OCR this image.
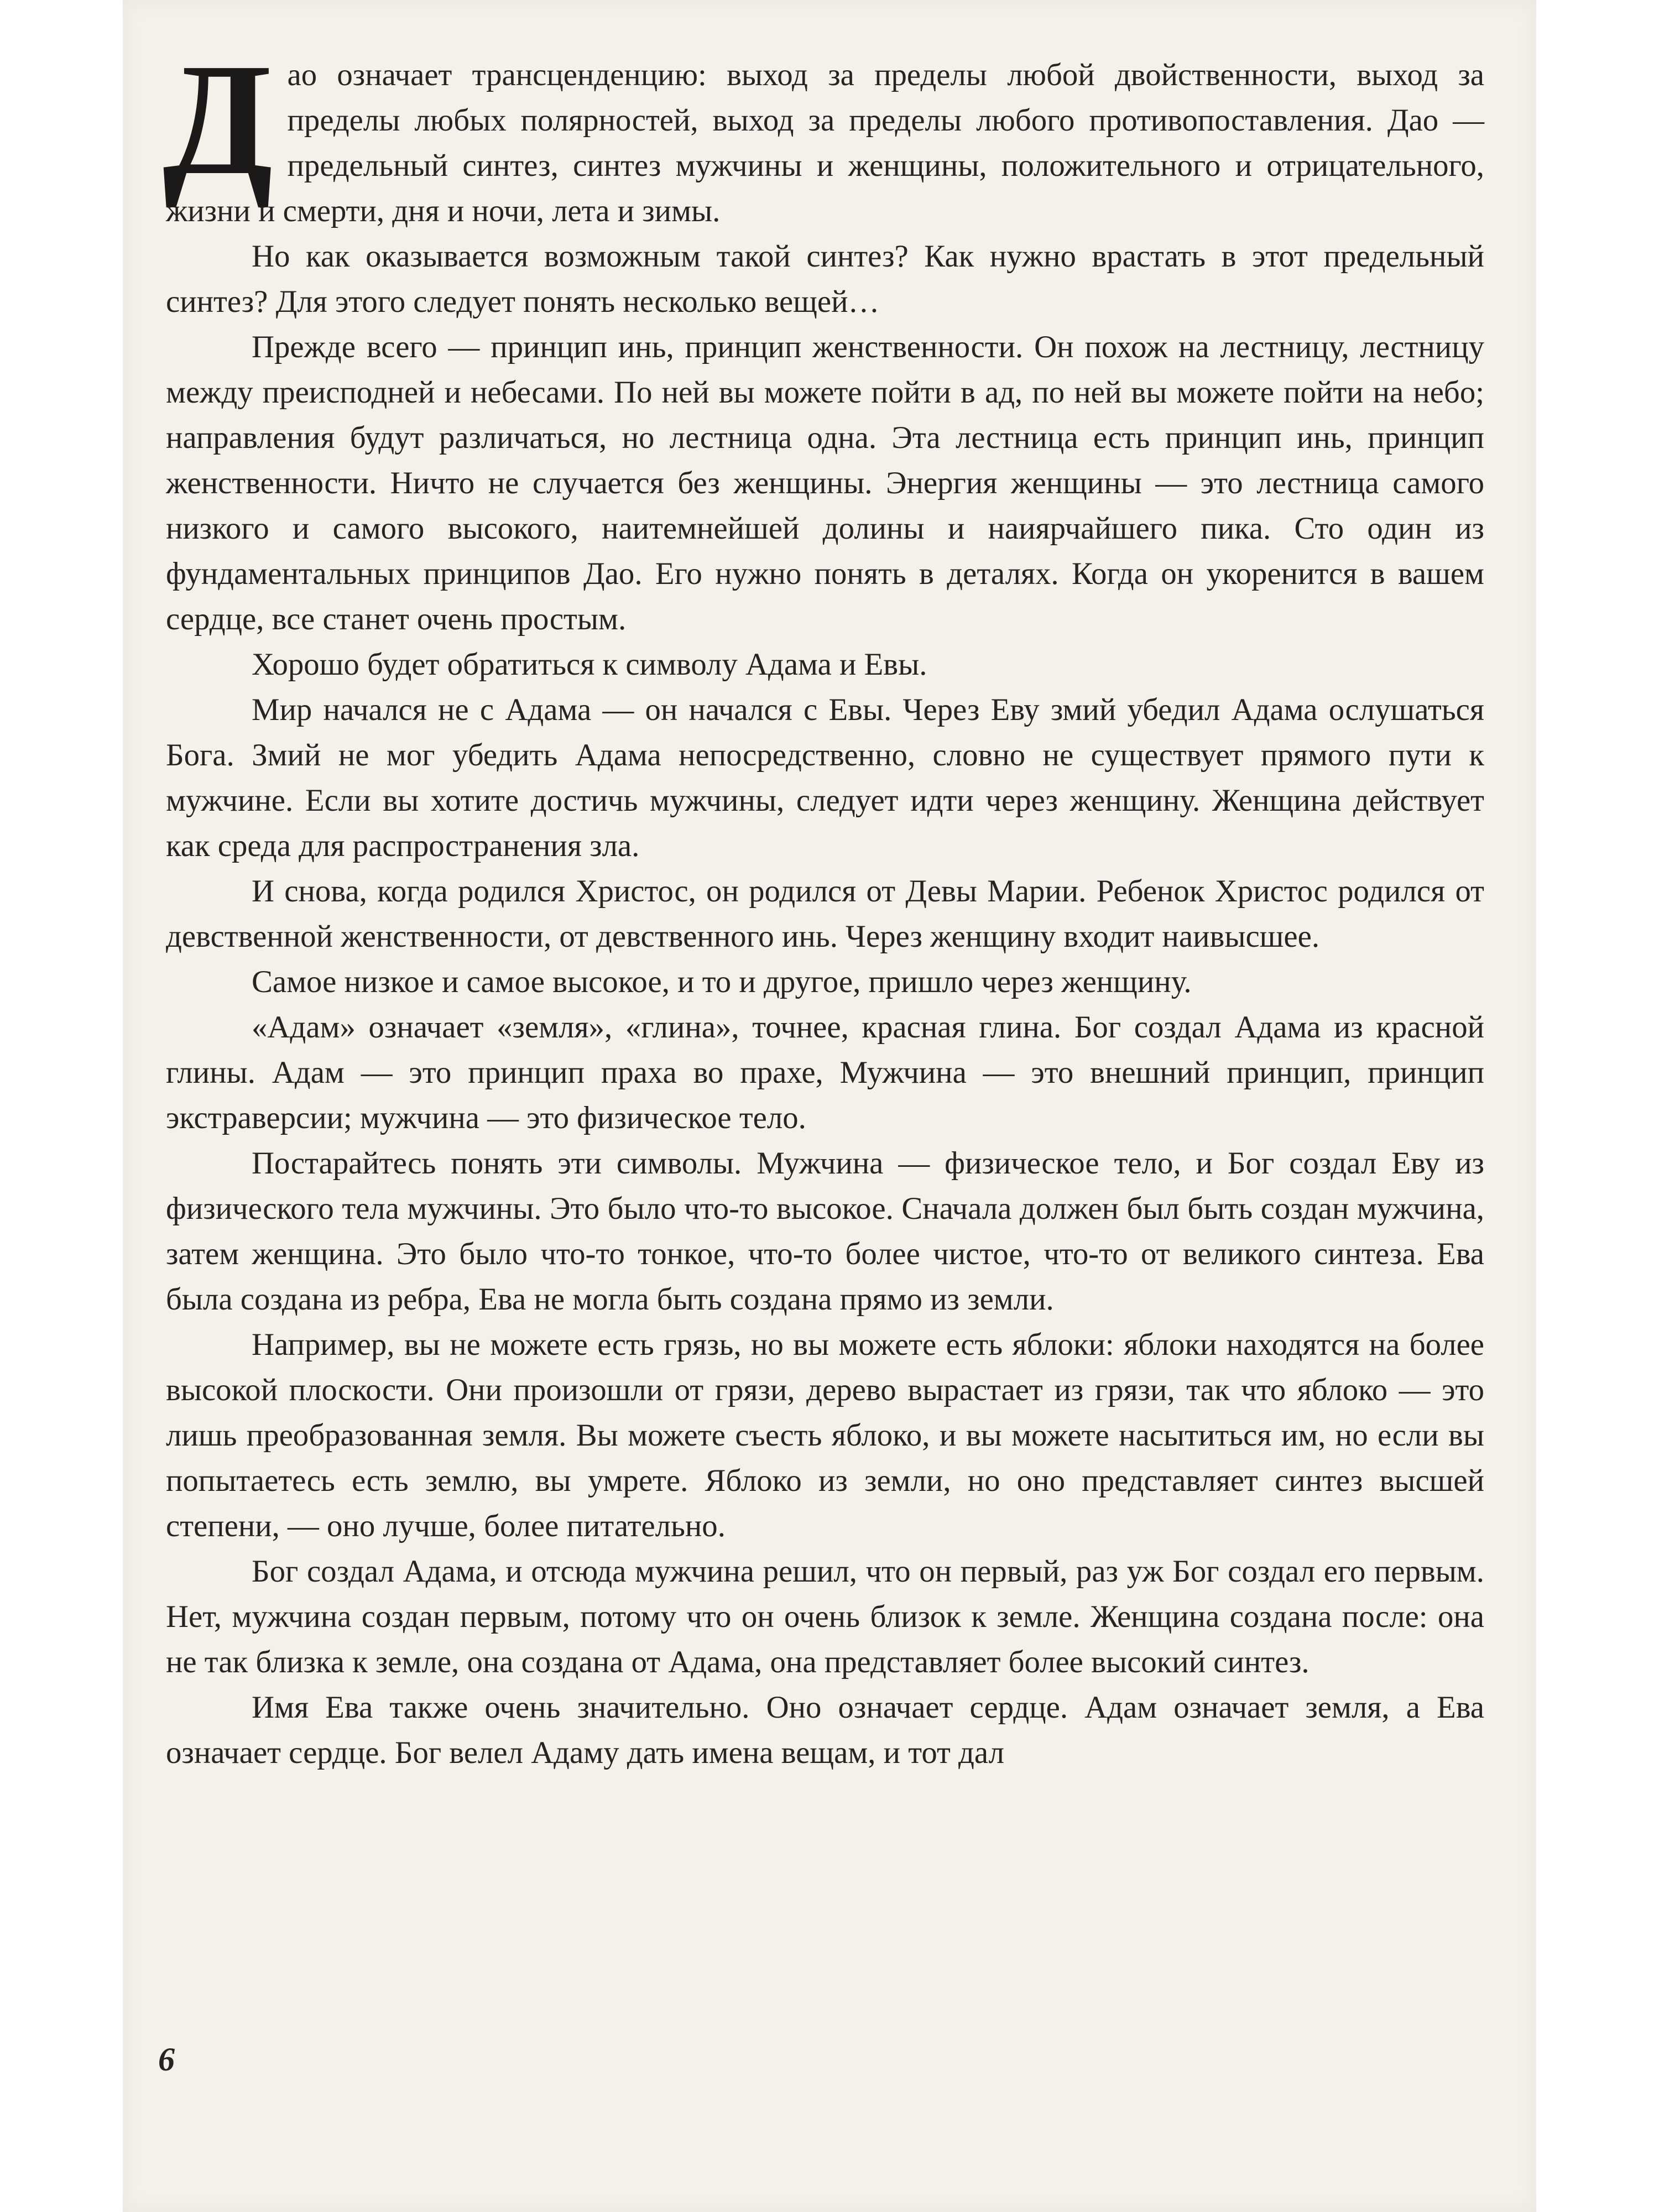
Дао означает трансценденцию: выход за пределы любой двойственности, выход за пределы любых полярностей, выход за пределы любого противопоставления. Дао — предельный синтез, синтез мужчины и женщины, положительного и отрицательного, жизни и смерти, дня и ночи, лета и зимы.

Но как оказывается возможным такой синтез? Как нужно врастать в этот предельный синтез? Для этого следует понять несколько вещей…

Прежде всего — принцип инь, принцип женственности. Он похож на лестницу, лестницу между преисподней и небесами. По ней вы можете пойти в ад, по ней вы можете пойти на небо; направления будут различаться, но лестница одна. Эта лестница есть принцип инь, принцип женственности. Ничто не случается без женщины. Энергия женщины — это лестница самого низкого и самого высокого, наитемнейшей долины и наиярчайшего пика. Сто один из фундаментальных принципов Дао. Его нужно понять в деталях. Когда он укоренится в вашем сердце, все станет очень простым.

Хорошо будет обратиться к символу Адама и Евы.

Мир начался не с Адама — он начался с Евы. Через Еву змий убедил Адама ослушаться Бога. Змий не мог убедить Адама непосредственно, словно не существует прямого пути к мужчине. Если вы хотите достичь мужчины, следует идти через женщину. Женщина действует как среда для распространения зла.

И снова, когда родился Христос, он родился от Девы Марии. Ребенок Христос родился от девственной женственности, от девственного инь. Через женщину входит наивысшее.

Самое низкое и самое высокое, и то и другое, пришло через женщину.

«Адам» означает «земля», «глина», точнее, красная глина. Бог создал Адама из красной глины. Адам — это принцип праха во прахе, Мужчина — это внешний принцип, принцип экстраверсии; мужчина — это физическое тело.

Постарайтесь понять эти символы. Мужчина — физическое тело, и Бог создал Еву из физического тела мужчины. Это было что-то высокое. Сначала должен был быть создан мужчина, затем женщина. Это было что-то тонкое, что-то более чистое, что-то от великого синтеза. Ева была создана из ребра, Ева не могла быть создана прямо из земли.

Например, вы не можете есть грязь, но вы можете есть яблоки: яблоки находятся на более высокой плоскости. Они произошли от грязи, дерево вырастает из грязи, так что яблоко — это лишь преобразованная земля. Вы можете съесть яблоко, и вы можете насытиться им, но если вы попытаетесь есть землю, вы умрете. Яблоко из земли, но оно представляет синтез высшей степени, — оно лучше, более питательно.

Бог создал Адама, и отсюда мужчина решил, что он первый, раз уж Бог создал его первым. Нет, мужчина создан первым, потому что он очень близок к земле. Женщина создана после: она не так близка к земле, она создана от Адама, она представляет более высокий синтез.

Имя Ева также очень значительно. Оно означает сердце. Адам означает земля, а Ева означает сердце. Бог велел Адаму дать имена вещам, и тот дал

6
